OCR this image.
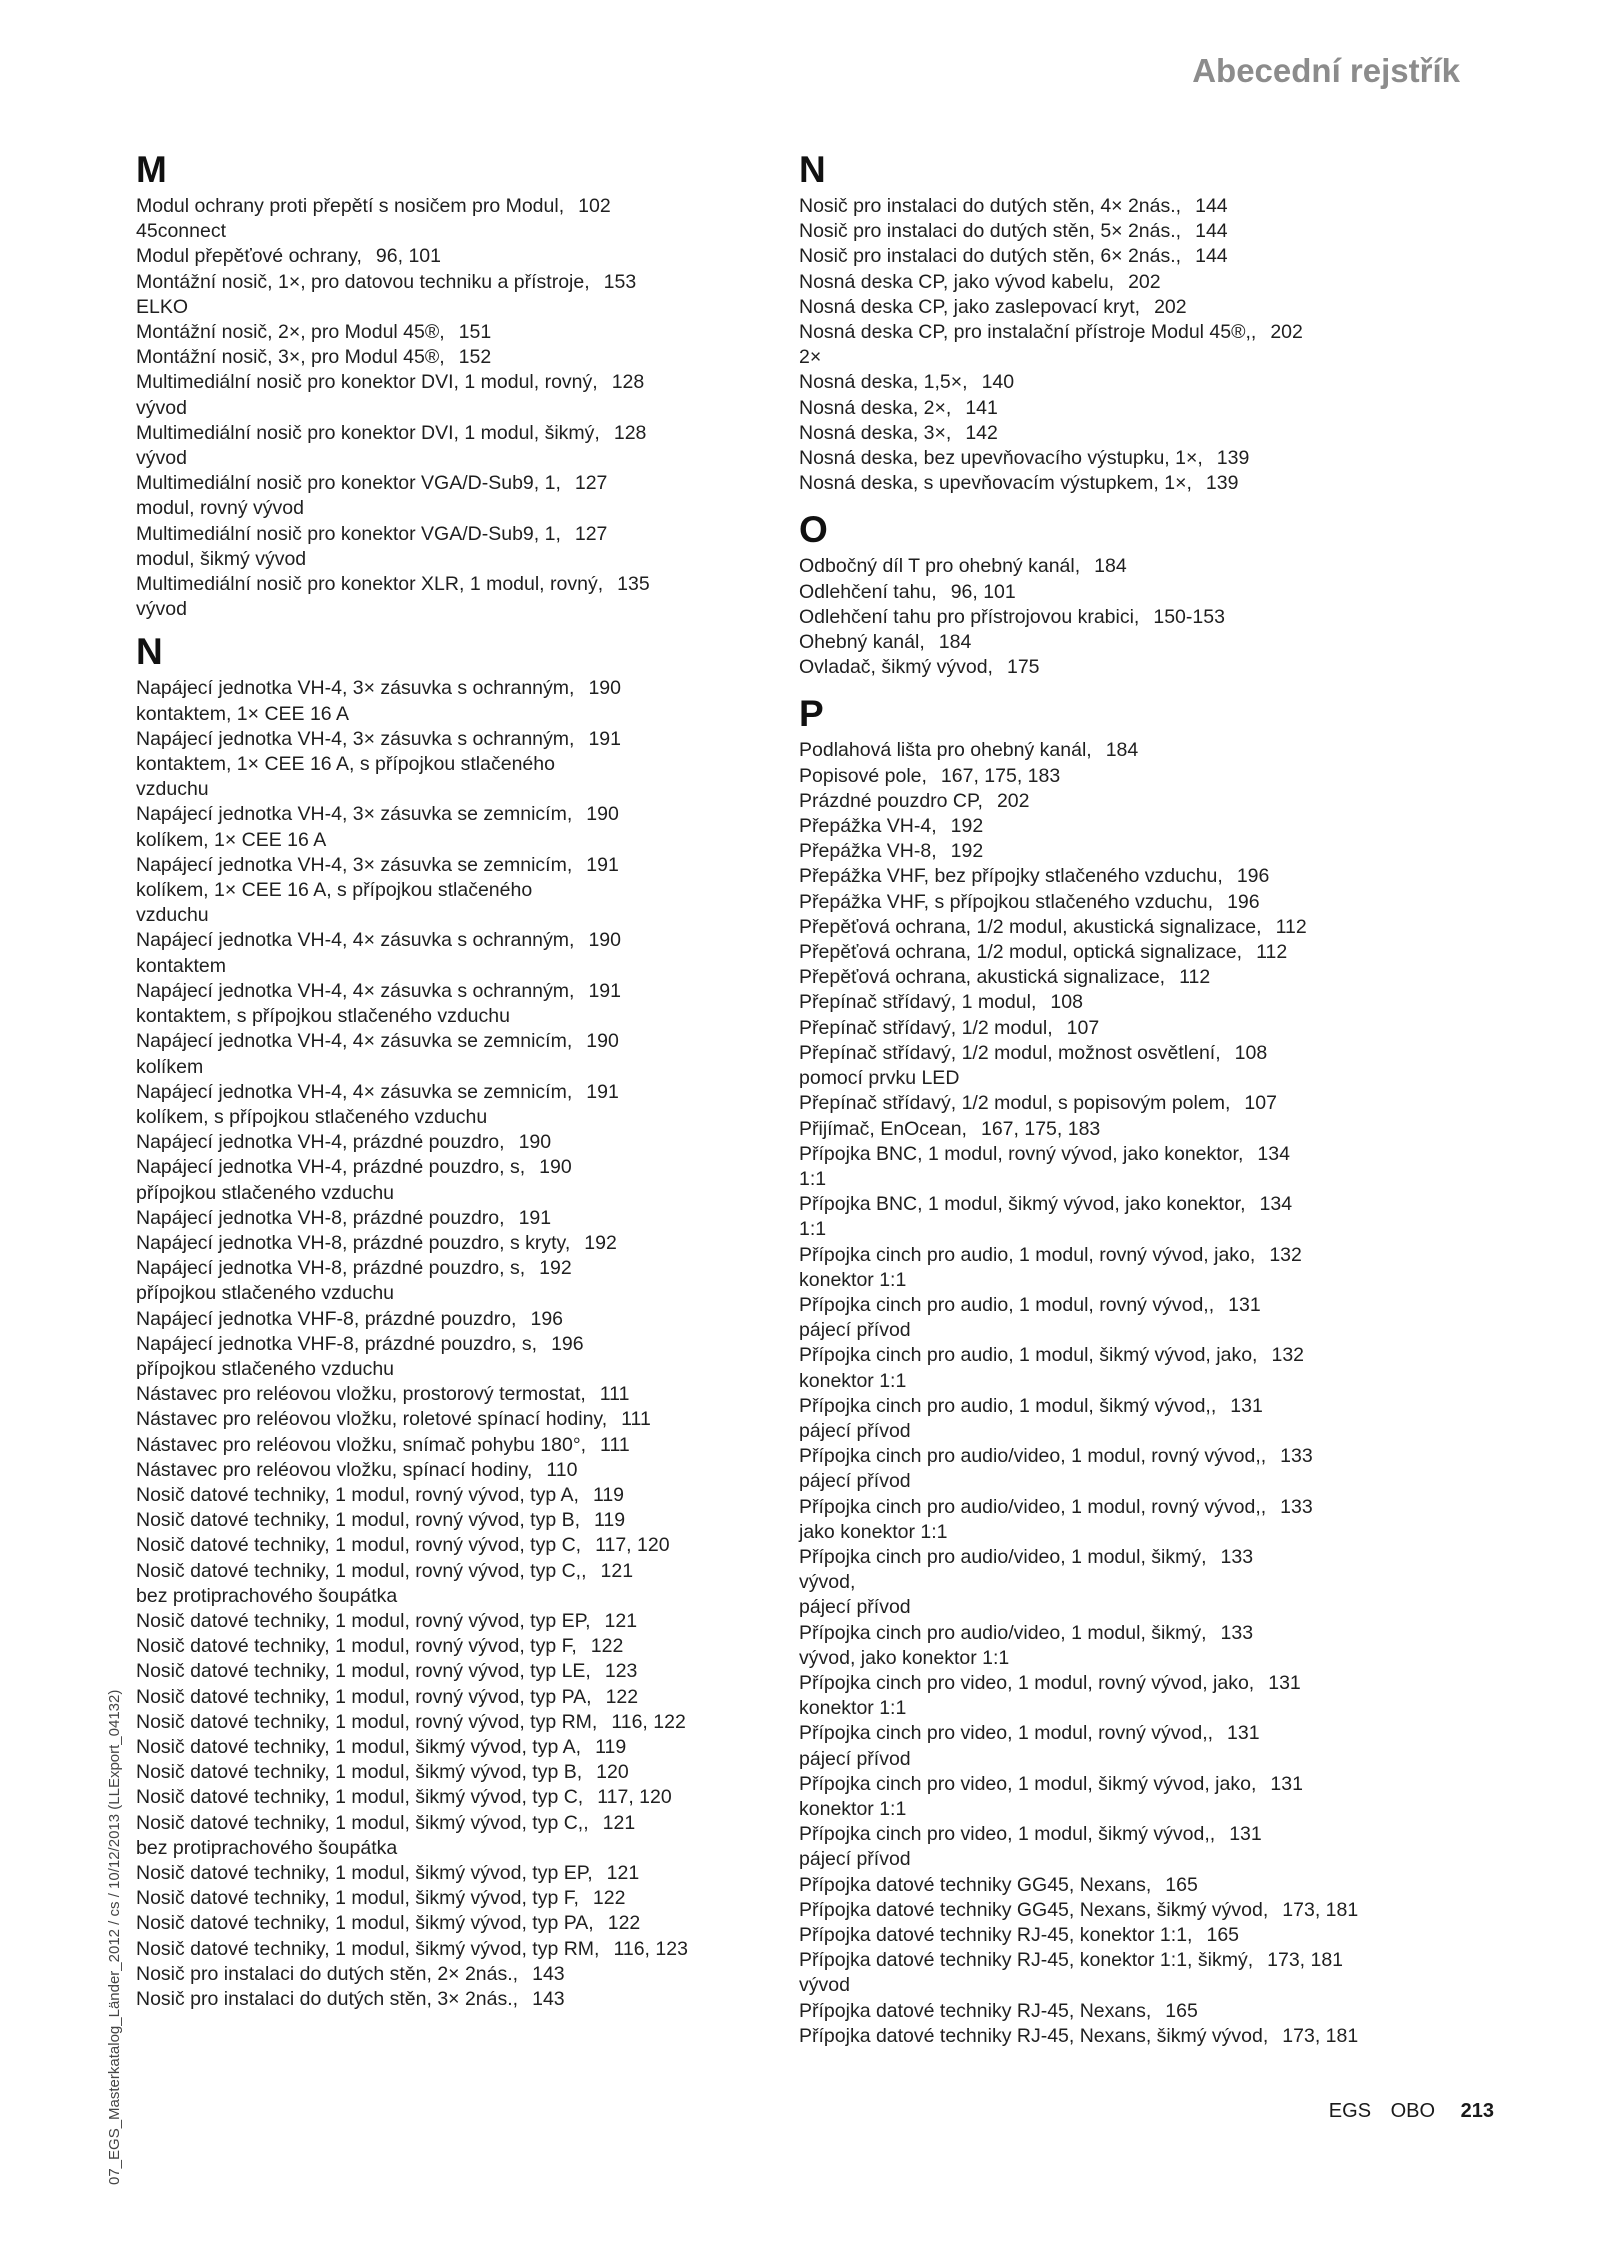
Abecední rejstřík
M
Modul ochrany proti přepětí s nosičem pro Modul, 102
45connect
Modul přepěťové ochrany, 96, 101
Montážní nosič, 1×, pro datovou techniku a přístroje, 153
ELKO
Montážní nosič, 2×, pro Modul 45®, 151
Montážní nosič, 3×, pro Modul 45®, 152
Multimediální nosič pro konektor DVI, 1 modul, rovný, 128
vývod
Multimediální nosič pro konektor DVI, 1 modul, šikmý, 128
vývod
Multimediální nosič pro konektor VGA/D-Sub9, 1, 127
modul, rovný vývod
Multimediální nosič pro konektor VGA/D-Sub9, 1, 127
modul, šikmý vývod
Multimediální nosič pro konektor XLR, 1 modul, rovný, 135
vývod
N
Napájecí jednotka VH-4, 3× zásuvka s ochranným, 190
kontaktem, 1× CEE 16 A
Napájecí jednotka VH-4, 3× zásuvka s ochranným, 191
kontaktem, 1× CEE 16 A, s přípojkou stlačeného
vzduchu
Napájecí jednotka VH-4, 3× zásuvka se zemnicím, 190
kolíkem, 1× CEE 16 A
Napájecí jednotka VH-4, 3× zásuvka se zemnicím, 191
kolíkem, 1× CEE 16 A, s přípojkou stlačeného
vzduchu
Napájecí jednotka VH-4, 4× zásuvka s ochranným, 190
kontaktem
Napájecí jednotka VH-4, 4× zásuvka s ochranným, 191
kontaktem, s přípojkou stlačeného vzduchu
Napájecí jednotka VH-4, 4× zásuvka se zemnicím, 190
kolíkem
Napájecí jednotka VH-4, 4× zásuvka se zemnicím, 191
kolíkem, s přípojkou stlačeného vzduchu
Napájecí jednotka VH-4, prázdné pouzdro, 190
Napájecí jednotka VH-4, prázdné pouzdro, s, 190
přípojkou stlačeného vzduchu
Napájecí jednotka VH-8, prázdné pouzdro, 191
Napájecí jednotka VH-8, prázdné pouzdro, s kryty, 192
Napájecí jednotka VH-8, prázdné pouzdro, s, 192
přípojkou stlačeného vzduchu
Napájecí jednotka VHF-8, prázdné pouzdro, 196
Napájecí jednotka VHF-8, prázdné pouzdro, s, 196
přípojkou stlačeného vzduchu
Nástavec pro reléovou vložku, prostorový termostat, 111
Nástavec pro reléovou vložku, roletové spínací hodiny, 111
Nástavec pro reléovou vložku, snímač pohybu 180°, 111
Nástavec pro reléovou vložku, spínací hodiny, 110
Nosič datové techniky, 1 modul, rovný vývod, typ A, 119
Nosič datové techniky, 1 modul, rovný vývod, typ B, 119
Nosič datové techniky, 1 modul, rovný vývod, typ C, 117, 120
Nosič datové techniky, 1 modul, rovný vývod, typ C,, 121
bez protiprachového šoupátka
Nosič datové techniky, 1 modul, rovný vývod, typ EP, 121
Nosič datové techniky, 1 modul, rovný vývod, typ F, 122
Nosič datové techniky, 1 modul, rovný vývod, typ LE, 123
Nosič datové techniky, 1 modul, rovný vývod, typ PA, 122
Nosič datové techniky, 1 modul, rovný vývod, typ RM, 116, 122
Nosič datové techniky, 1 modul, šikmý vývod, typ A, 119
Nosič datové techniky, 1 modul, šikmý vývod, typ B, 120
Nosič datové techniky, 1 modul, šikmý vývod, typ C, 117, 120
Nosič datové techniky, 1 modul, šikmý vývod, typ C,, 121
bez protiprachového šoupátka
Nosič datové techniky, 1 modul, šikmý vývod, typ EP, 121
Nosič datové techniky, 1 modul, šikmý vývod, typ F, 122
Nosič datové techniky, 1 modul, šikmý vývod, typ PA, 122
Nosič datové techniky, 1 modul, šikmý vývod, typ RM, 116, 123
Nosič pro instalaci do dutých stěn, 2× 2nás., 143
Nosič pro instalaci do dutých stěn, 3× 2nás., 143
N
Nosič pro instalaci do dutých stěn, 4× 2nás., 144
Nosič pro instalaci do dutých stěn, 5× 2nás., 144
Nosič pro instalaci do dutých stěn, 6× 2nás., 144
Nosná deska CP, jako vývod kabelu, 202
Nosná deska CP, jako zaslepovací kryt, 202
Nosná deska CP, pro instalační přístroje Modul 45®,, 202
2×
Nosná deska, 1,5×, 140
Nosná deska, 2×, 141
Nosná deska, 3×, 142
Nosná deska, bez upevňovacího výstupku, 1×, 139
Nosná deska, s upevňovacím výstupkem, 1×, 139
O
Odbočný díl T pro ohebný kanál, 184
Odlehčení tahu, 96, 101
Odlehčení tahu pro přístrojovou krabici, 150-153
Ohebný kanál, 184
Ovladač, šikmý vývod, 175
P
Podlahová lišta pro ohebný kanál, 184
Popisové pole, 167, 175, 183
Prázdné pouzdro CP, 202
Přepážka VH-4, 192
Přepážka VH-8, 192
Přepážka VHF, bez přípojky stlačeného vzduchu, 196
Přepážka VHF, s přípojkou stlačeného vzduchu, 196
Přepěťová ochrana, 1/2 modul, akustická signalizace, 112
Přepěťová ochrana, 1/2 modul, optická signalizace, 112
Přepěťová ochrana, akustická signalizace, 112
Přepínač střídavý, 1 modul, 108
Přepínač střídavý, 1/2 modul, 107
Přepínač střídavý, 1/2 modul, možnost osvětlení, 108
pomocí prvku LED
Přepínač střídavý, 1/2 modul, s popisovým polem, 107
Přijímač, EnOcean, 167, 175, 183
Přípojka BNC, 1 modul, rovný vývod, jako konektor, 134
1:1
Přípojka BNC, 1 modul, šikmý vývod, jako konektor, 134
1:1
Přípojka cinch pro audio, 1 modul, rovný vývod, jako, 132
konektor 1:1
Přípojka cinch pro audio, 1 modul, rovný vývod,, 131
pájecí přívod
Přípojka cinch pro audio, 1 modul, šikmý vývod, jako, 132
konektor 1:1
Přípojka cinch pro audio, 1 modul, šikmý vývod,, 131
pájecí přívod
Přípojka cinch pro audio/video, 1 modul, rovný vývod,, 133
pájecí přívod
Přípojka cinch pro audio/video, 1 modul, rovný vývod,, 133
jako konektor 1:1
Přípojka cinch pro audio/video, 1 modul, šikmý, 133
vývod,
pájecí přívod
Přípojka cinch pro audio/video, 1 modul, šikmý, 133
vývod, jako konektor 1:1
Přípojka cinch pro video, 1 modul, rovný vývod, jako, 131
konektor 1:1
Přípojka cinch pro video, 1 modul, rovný vývod,, 131
pájecí přívod
Přípojka cinch pro video, 1 modul, šikmý vývod, jako, 131
konektor 1:1
Přípojka cinch pro video, 1 modul, šikmý vývod,, 131
pájecí přívod
Přípojka datové techniky GG45, Nexans, 165
Přípojka datové techniky GG45, Nexans, šikmý vývod, 173, 181
Přípojka datové techniky RJ-45, konektor 1:1, 165
Přípojka datové techniky RJ-45, konektor 1:1, šikmý, 173, 181
vývod
Přípojka datové techniky RJ-45, Nexans, 165
Přípojka datové techniky RJ-45, Nexans, šikmý vývod, 173, 181
07_EGS_Masterkatalog_Länder_2012 / cs / 10/12/2013 (LLExport_04132)	EGS OBO 213
